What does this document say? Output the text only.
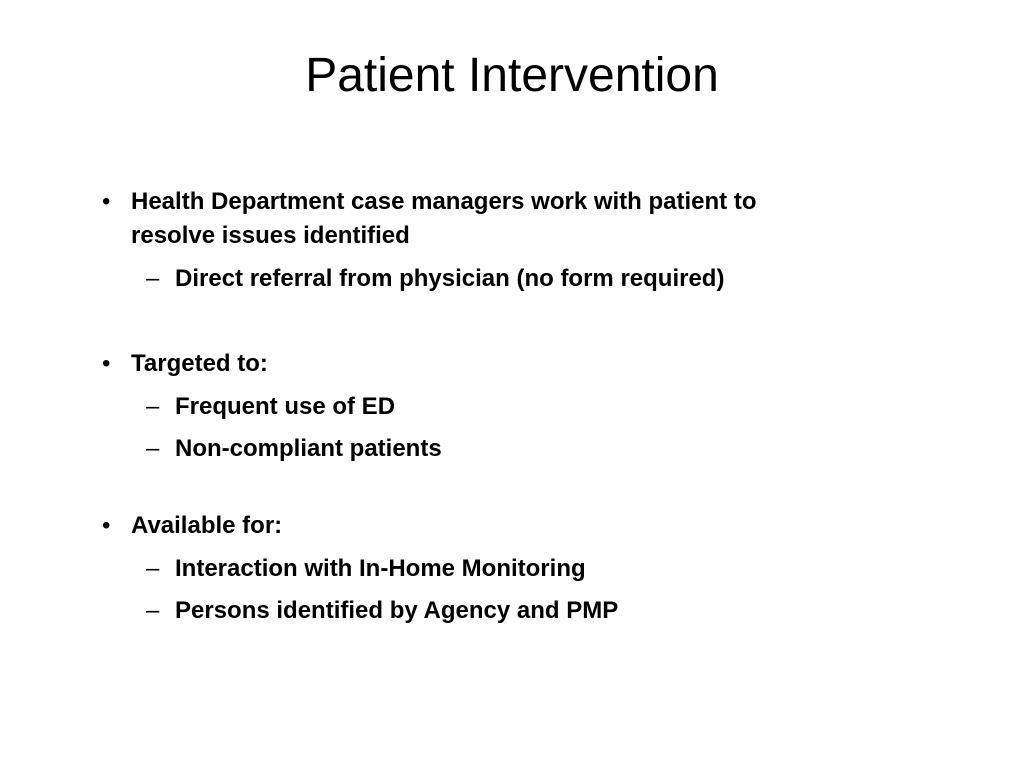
Patient Intervention
• Health Department case managers work with patient to
resolve issues identified
– Direct referral from physician (no form required)
• Targeted to:
– Frequent use of ED
– Non-compliant patients
• Available for:
– Interaction with In-Home Monitoring
– Persons identified by Agency and PMP
